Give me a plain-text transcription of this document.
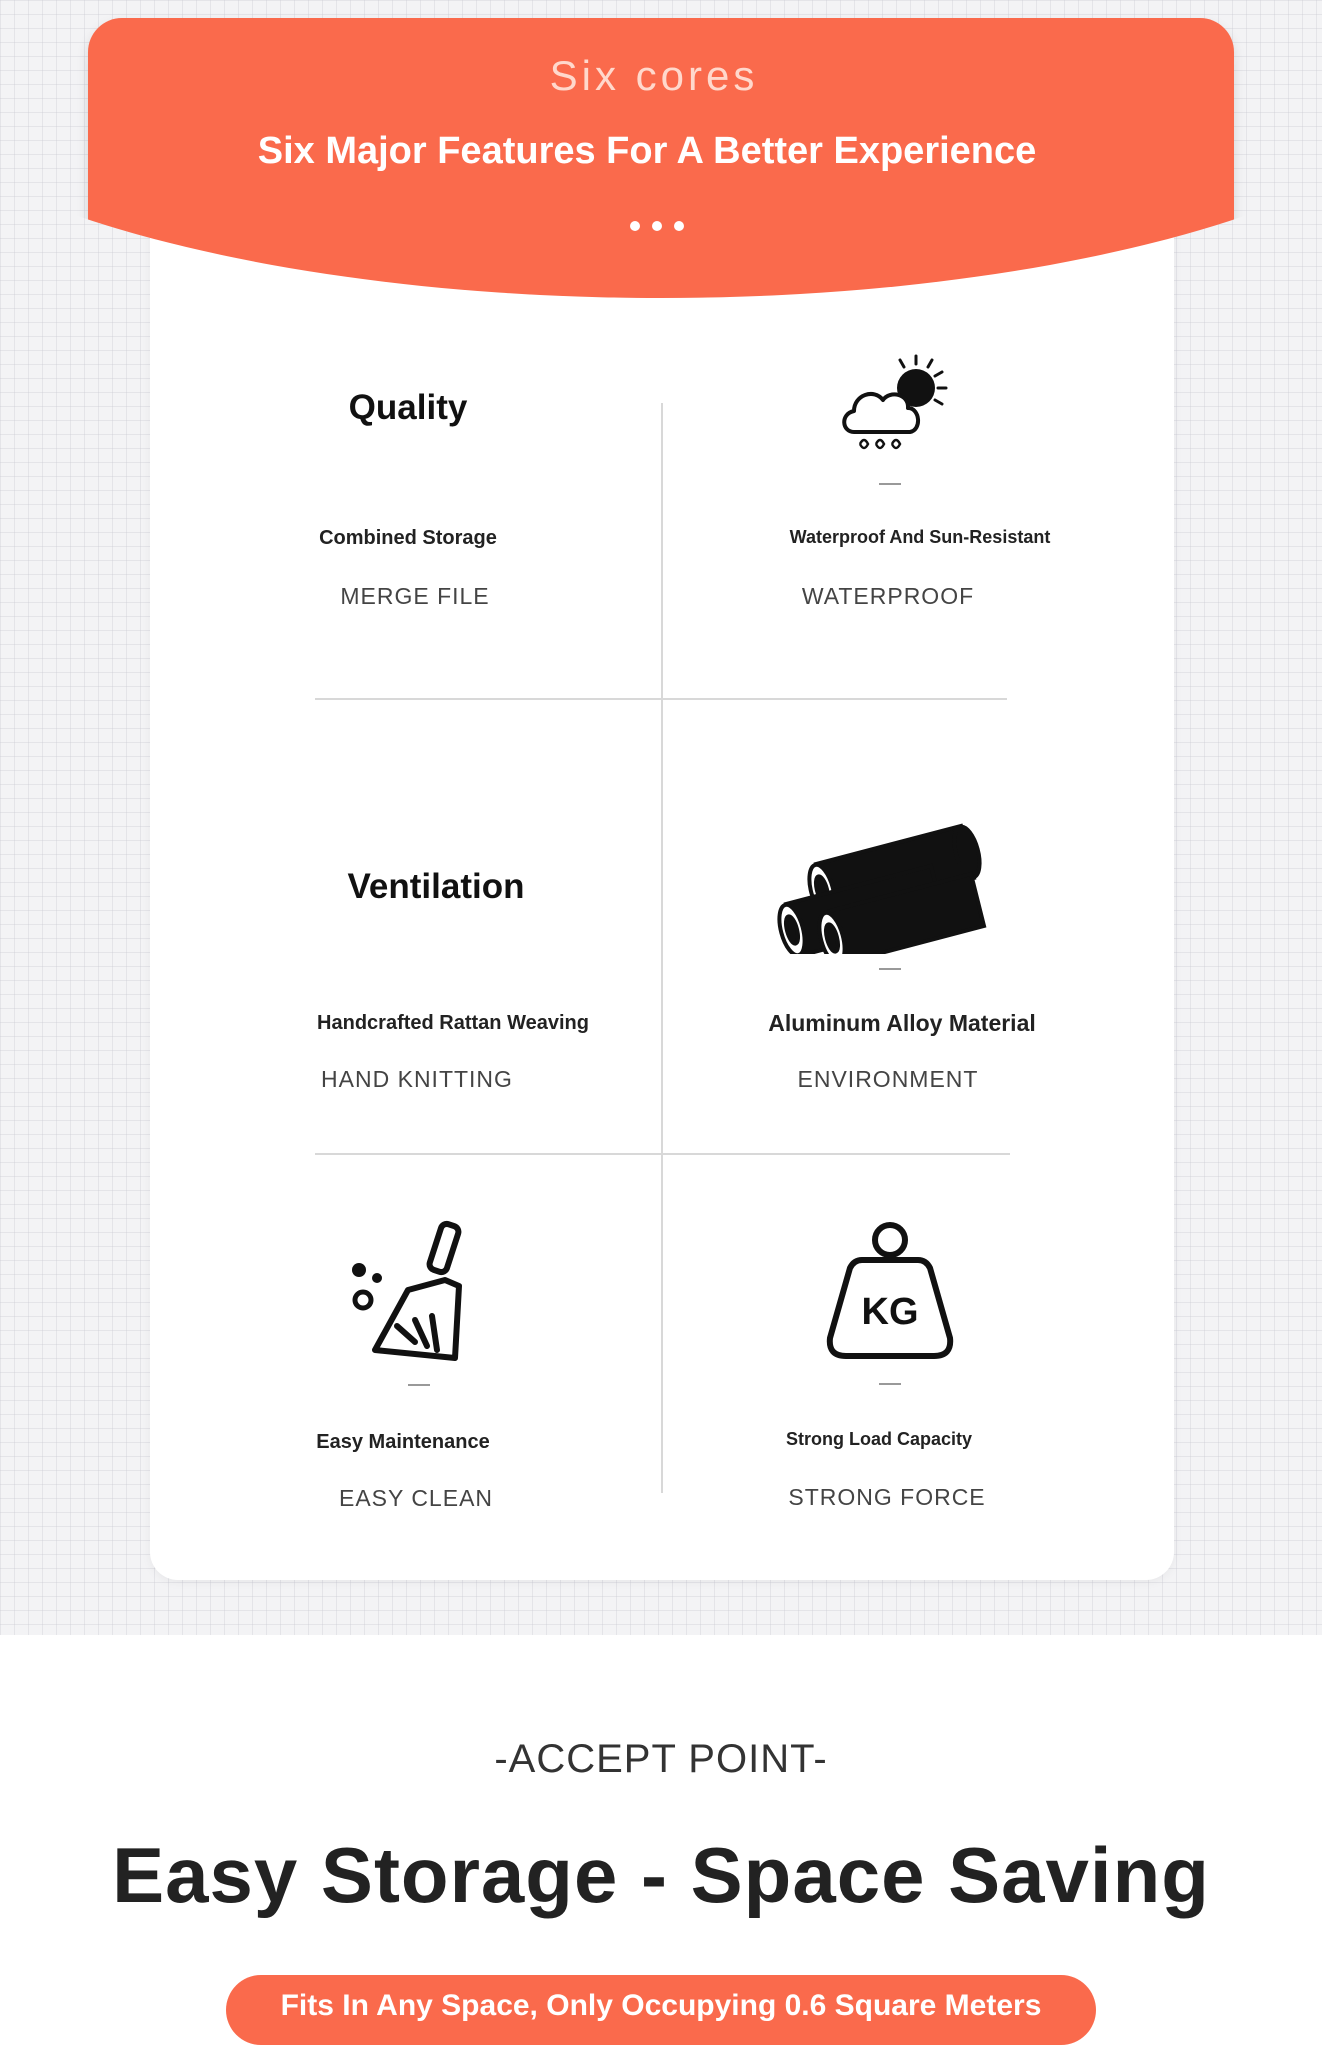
Six cores
Six Major Features For A Better Experience
Quality
Combined Storage
MERGE FILE
Waterproof And Sun-Resistant
WATERPROOF
Ventilation
Handcrafted Rattan Weaving
HAND KNITTING
Aluminum Alloy Material
ENVIRONMENT
Easy Maintenance
EASY CLEAN
KG
Strong Load Capacity
STRONG FORCE
-ACCEPT POINT-
Easy Storage - Space Saving
Fits In Any Space, Only Occupying 0.6 Square Meters
